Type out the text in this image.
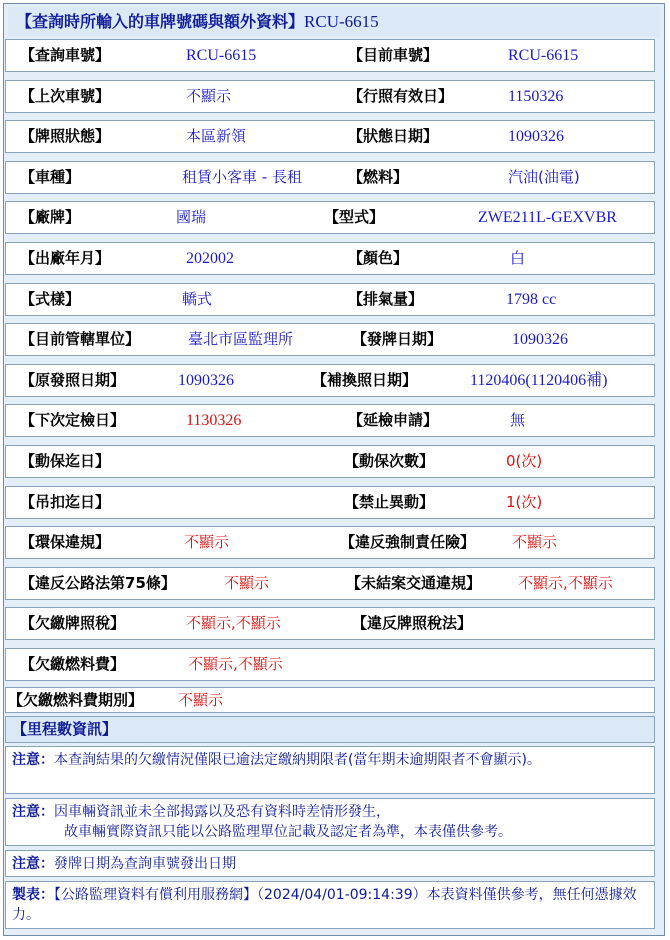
【查詢時所輸入的車牌號碼與額外資料】RCU-6615
【查詢車號】	RCU-6615	【目前車號】	RCU-6615
【上次車號】	不顯示	【行照有效日】	1150326
【牌照狀態】	本區新領	【狀態日期】	1090326
【車種】	租賃小客車 - 長租	【燃料】	汽油(油電)
【廠牌】	國瑞	【型式】	ZWE211L-GEXVBR
【出廠年月】	202002	【顏色】	白
【式樣】	轎式	【排氣量】	1798 cc
【目前管轄單位】	臺北市區監理所	【發牌日期】	1090326
【原發照日期】	1090326	【補換照日期】	1120406(1120406補)
【下次定檢日】	1130326	【延檢申請】	無
【動保迄日】	【動保次數】	0(次)
【吊扣迄日】	【禁止異動】	1(次)
【環保違規】	不顯示	【違反強制責任險】 不顯示
【違反公路法第75條】	不顯示	【未結案交通違規】 不顯示,不顯示
【欠繳牌照稅】	不顯示,不顯示	【違反牌照稅法】
【欠繳燃料費】	不顯示,不顯示
【欠繳燃料費期別】 不顯示
【里程數資訊】
注意：本查詢結果的欠繳情況僅限已逾法定繳納期限者(當年期未逾期限者不會顯示)。
注意：因車輛資訊並未全部揭露以及恐有資料時差情形發生，
故車輛實際資訊只能以公路監理單位記載及認定者為準，本表僅供參考。
注意：發牌日期為查詢車號發出日期
製表：【公路監理資料有償利用服務網】（2024/04/01-09:14:39）本表資料僅供參考，無任何憑據效力。
